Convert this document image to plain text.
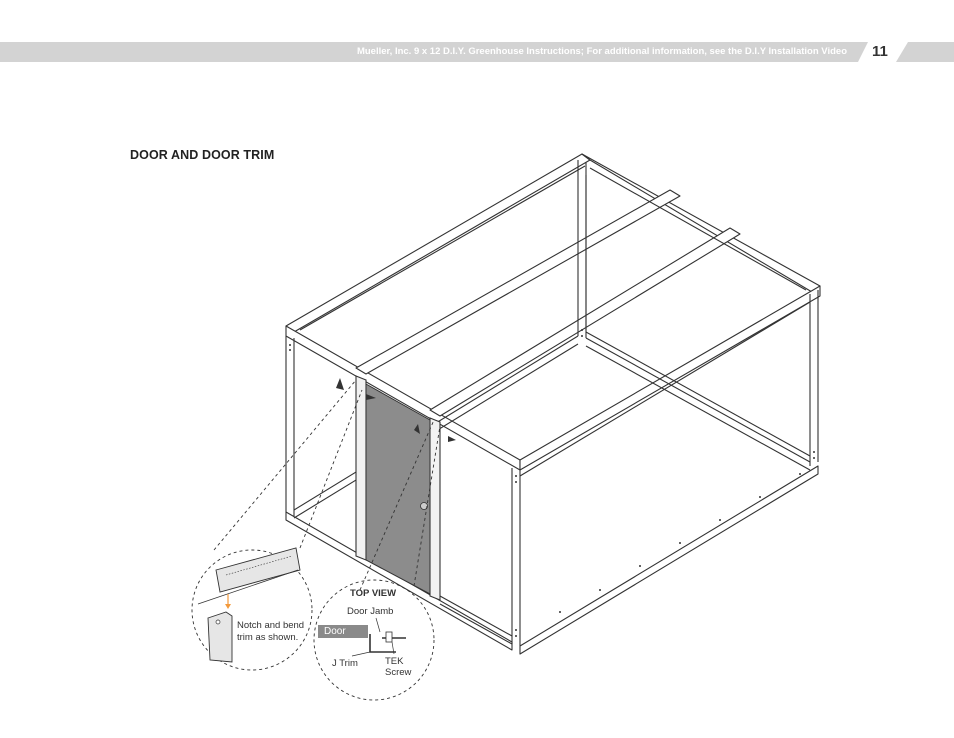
Mueller, Inc. 9 x 12 D.I.Y. Greenhouse Instructions; For additional information, see the D.I.Y Installation Video 11
DOOR AND DOOR TRIM
Notch and bend trim as shown.
TOP VIEW
Door Jamb
Door
J Trim	TEK
Screw
